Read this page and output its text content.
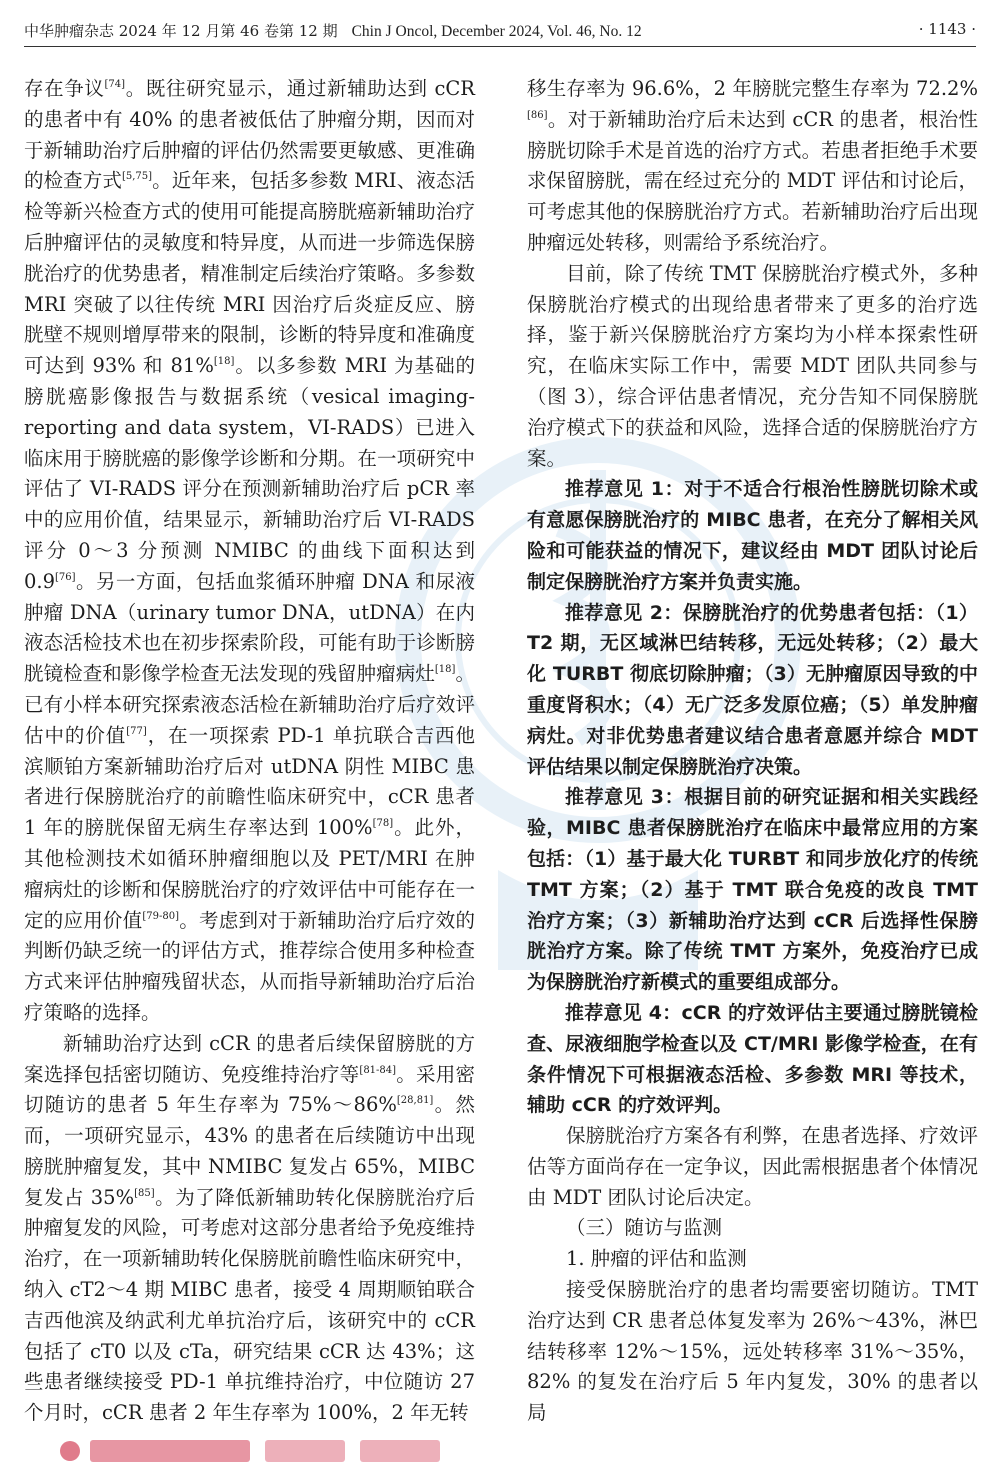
中华肿瘤杂志 2024 年 12 月第 46 卷第 12 期 Chin J Oncol, December 2024, Vol. 46, No. 12	· 1143 ·

存在争议[74]。既往研究显示，通过新辅助达到 cCR 的患者中有 40% 的患者被低估了肿瘤分期，因而对于新辅助治疗后肿瘤的评估仍然需要更敏感、更准确的检查方式[5,75]。近年来，包括多参数 MRI、液态活检等新兴检查方式的使用可能提高膀胱癌新辅助治疗后肿瘤评估的灵敏度和特异度，从而进一步筛选保膀胱治疗的优势患者，精准制定后续治疗策略。多参数 MRI 突破了以往传统 MRI 因治疗后炎症反应、膀胱壁不规则增厚带来的限制，诊断的特异度和准确度可达到 93% 和 81%[18]。以多参数 MRI 为基础的膀胱癌影像报告与数据系统（vesical imaging-reporting and data system，VI-RADS）已进入临床用于膀胱癌的影像学诊断和分期。在一项研究中评估了 VI-RADS 评分在预测新辅助治疗后 pCR 率中的应用价值，结果显示，新辅助治疗后 VI-RADS 评分 0～3 分预测 NMIBC 的曲线下面积达到 0.9[76]。另一方面，包括血浆循环肿瘤 DNA 和尿液肿瘤 DNA（urinary tumor DNA，utDNA）在内液态活检技术也在初步探索阶段，可能有助于诊断膀胱镜检查和影像学检查无法发现的残留肿瘤病灶[18]。已有小样本研究探索液态活检在新辅助治疗后疗效评估中的价值[77]，在一项探索 PD-1 单抗联合吉西他滨顺铂方案新辅助治疗后对 utDNA 阴性 MIBC 患者进行保膀胱治疗的前瞻性临床研究中，cCR 患者 1 年的膀胱保留无病生存率达到 100%[78]。此外，其他检测技术如循环肿瘤细胞以及 PET/MRI 在肿瘤病灶的诊断和保膀胱治疗的疗效评估中可能存在一定的应用价值[79-80]。考虑到对于新辅助治疗后疗效的判断仍缺乏统一的评估方式，推荐综合使用多种检查方式来评估肿瘤残留状态，从而指导新辅助治疗后治疗策略的选择。

新辅助治疗达到 cCR 的患者后续保留膀胱的方案选择包括密切随访、免疫维持治疗等[81-84]。采用密切随访的患者 5 年生存率为 75%～86%[28,81]。然而，一项研究显示，43% 的患者在后续随访中出现膀胱肿瘤复发，其中 NMIBC 复发占 65%，MIBC 复发占 35%[85]。为了降低新辅助转化保膀胱治疗后肿瘤复发的风险，可考虑对这部分患者给予免疫维持治疗，在一项新辅助转化保膀胱前瞻性临床研究中，纳入 cT2～4 期 MIBC 患者，接受 4 周期顺铂联合吉西他滨及纳武利尤单抗治疗后，该研究中的 cCR 包括了 cT0 以及 cTa，研究结果 cCR 达 43%；这些患者继续接受 PD-1 单抗维持治疗，中位随访 27 个月时，cCR 患者 2 年生存率为 100%，2 年无转

移生存率为 96.6%，2 年膀胱完整生存率为 72.2%[86]。对于新辅助治疗后未达到 cCR 的患者，根治性膀胱切除手术是首选的治疗方式。若患者拒绝手术要求保留膀胱，需在经过充分的 MDT 评估和讨论后，可考虑其他的保膀胱治疗方式。若新辅助治疗后出现肿瘤远处转移，则需给予系统治疗。

目前，除了传统 TMT 保膀胱治疗模式外，多种保膀胱治疗模式的出现给患者带来了更多的治疗选择，鉴于新兴保膀胱治疗方案均为小样本探索性研究，在临床实际工作中，需要 MDT 团队共同参与（图 3），综合评估患者情况，充分告知不同保膀胱治疗模式下的获益和风险，选择合适的保膀胱治疗方案。

推荐意见 1：对于不适合行根治性膀胱切除术或有意愿保膀胱治疗的 MIBC 患者，在充分了解相关风险和可能获益的情况下，建议经由 MDT 团队讨论后制定保膀胱治疗方案并负责实施。

推荐意见 2：保膀胱治疗的优势患者包括：（1）T2 期，无区域淋巴结转移，无远处转移；（2）最大化 TURBT 彻底切除肿瘤；（3）无肿瘤原因导致的中重度肾积水；（4）无广泛多发原位癌；（5）单发肿瘤病灶。对非优势患者建议结合患者意愿并综合 MDT 评估结果以制定保膀胱治疗决策。

推荐意见 3：根据目前的研究证据和相关实践经验，MIBC 患者保膀胱治疗在临床中最常应用的方案包括：（1）基于最大化 TURBT 和同步放化疗的传统 TMT 方案；（2）基于 TMT 联合免疫的改良 TMT 治疗方案；（3）新辅助治疗达到 cCR 后选择性保膀胱治疗方案。除了传统 TMT 方案外，免疫治疗已成为保膀胱治疗新模式的重要组成部分。

推荐意见 4：cCR 的疗效评估主要通过膀胱镜检查、尿液细胞学检查以及 CT/MRI 影像学检查，在有条件情况下可根据液态活检、多参数 MRI 等技术，辅助 cCR 的疗效评判。

保膀胱治疗方案各有利弊，在患者选择、疗效评估等方面尚存在一定争议，因此需根据患者个体情况由 MDT 团队讨论后决定。

（三）随访与监测

1. 肿瘤的评估和监测

接受保膀胱治疗的患者均需要密切随访。TMT 治疗达到 CR 患者总体复发率为 26%～43%，淋巴结转移率 12%～15%，远处转移率 31%～35%，82% 的复发在治疗后 5 年内复发，30% 的患者以局
